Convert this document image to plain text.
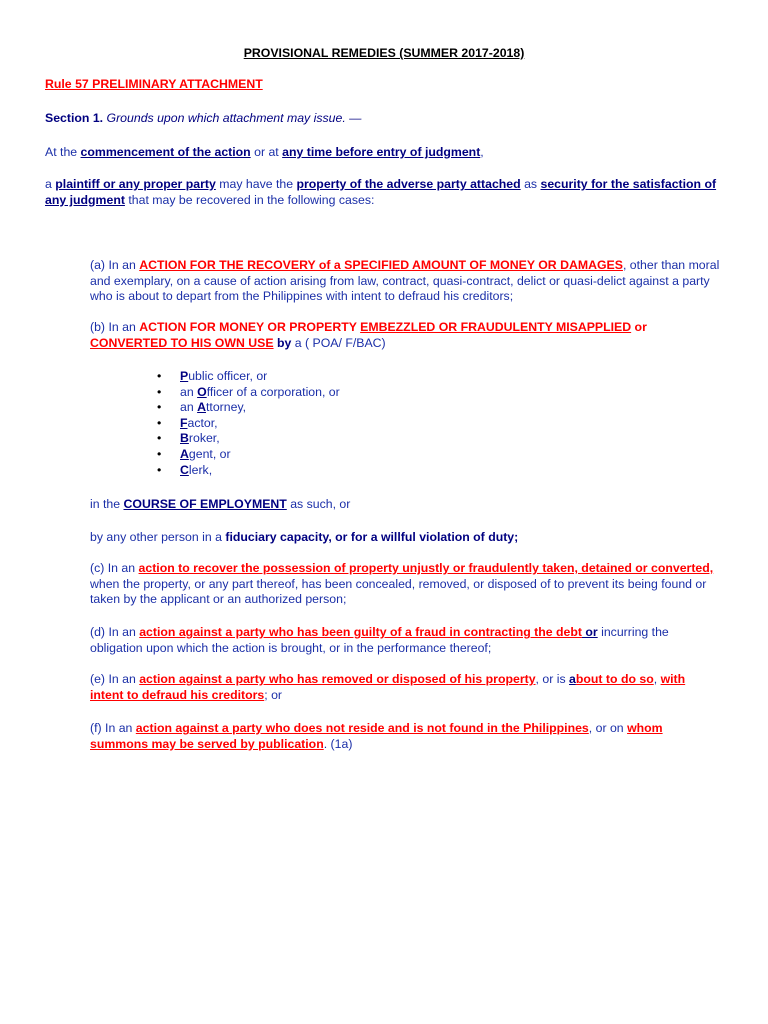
PROVISIONAL REMEDIES (SUMMER 2017-2018)
Rule 57 PRELIMINARY ATTACHMENT
Section 1. Grounds upon which attachment may issue. —
At the commencement of the action or at any time before entry of judgment,
a plaintiff or any proper party may have the property of the adverse party attached as security for the satisfaction of any judgment that may be recovered in the following cases:
(a) In an ACTION FOR THE RECOVERY of a SPECIFIED AMOUNT OF MONEY OR DAMAGES, other than moral and exemplary, on a cause of action arising from law, contract, quasi-contract, delict or quasi-delict against a party who is about to depart from the Philippines with intent to defraud his creditors;
(b) In an ACTION FOR MONEY OR PROPERTY EMBEZZLED OR FRAUDULENTY MISAPPLIED or
CONVERTED TO HIS OWN USE by a ( POA/ F/BAC)
• Public officer, or
• an Officer of a corporation, or
• an Attorney,
• Factor,
• Broker,
• Agent, or
• Clerk,
in the COURSE OF EMPLOYMENT as such, or
by any other person in a fiduciary capacity, or for a willful violation of duty;
(c) In an action to recover the possession of property unjustly or fraudulently taken, detained or converted, when the property, or any part thereof, has been concealed, removed, or disposed of to prevent its being found or taken by the applicant or an authorized person;
(d) In an action against a party who has been guilty of a fraud in contracting the debt or incurring the obligation upon which the action is brought, or in the performance thereof;
(e) In an action against a party who has removed or disposed of his property, or is about to do so, with intent to defraud his creditors; or
(f) In an action against a party who does not reside and is not found in the Philippines, or on whom summons may be served by publication. (1a)
